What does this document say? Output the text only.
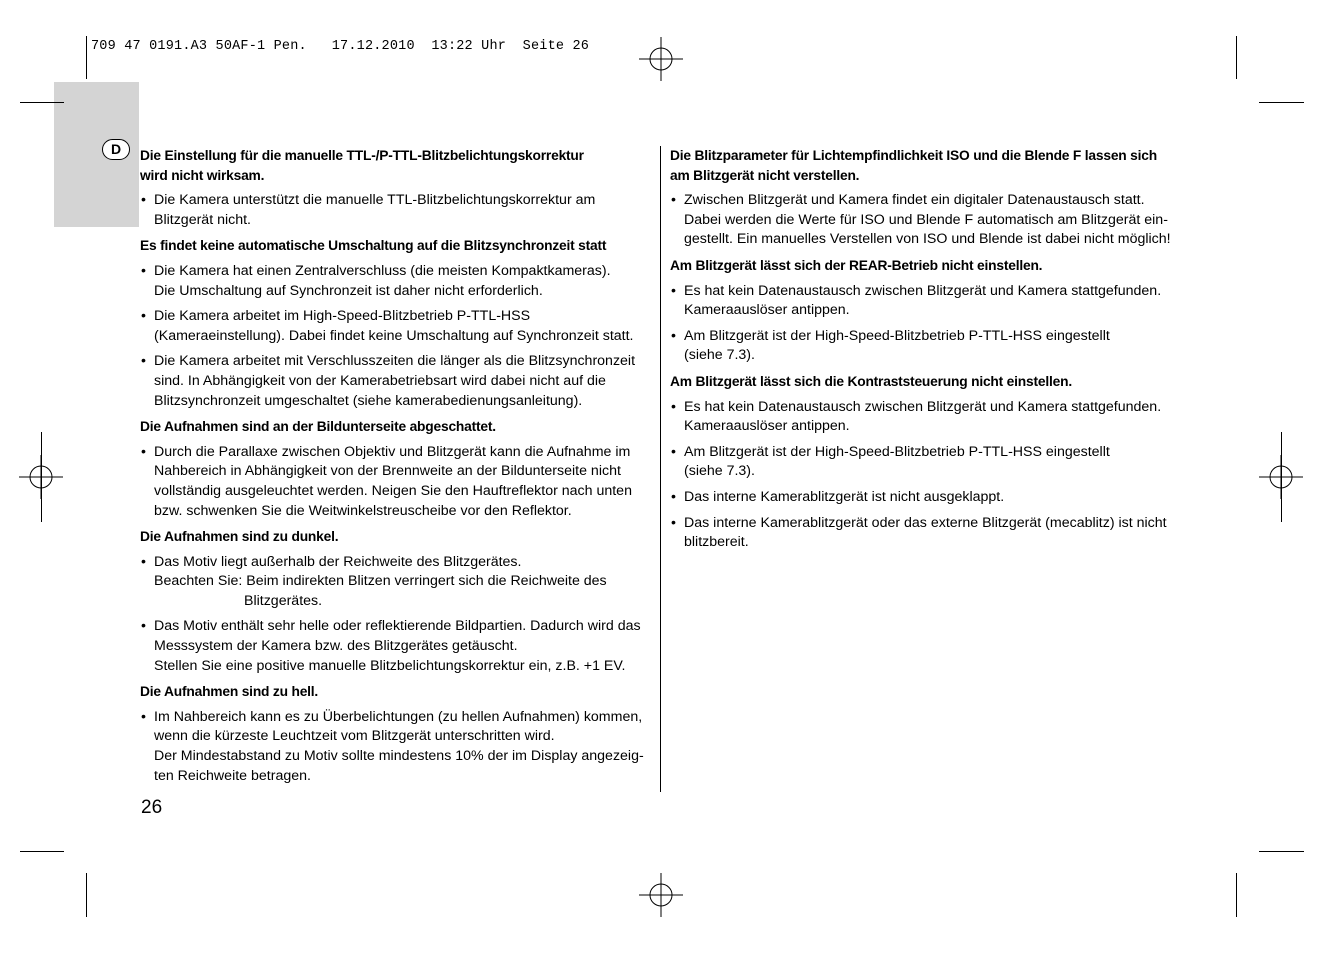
709 47 0191.A3 50AF-1 Pen.   17.12.2010  13:22 Uhr  Seite 26
D	Die Einstellung für die manuelle TTL-/P-TTL-Blitzbelichtungskorrektur
wird nicht wirksam.
• Die Kamera unterstützt die manuelle TTL-Blitzbelichtungskorrektur am
Blitzgerät nicht.
Es findet keine automatische Umschaltung auf die Blitzsynchronzeit statt
• Die Kamera hat einen Zentralverschluss (die meisten Kompaktkameras).
Die Umschaltung auf Synchronzeit ist daher nicht erforderlich.
• Die Kamera arbeitet im High-Speed-Blitzbetrieb P-TTL-HSS
(Kameraeinstellung). Dabei findet keine Umschaltung auf Synchronzeit statt.
• Die Kamera arbeitet mit Verschlusszeiten die länger als die Blitzsynchronzeit
sind. In Abhängigkeit von der Kamerabetriebsart wird dabei nicht auf die
Blitzsynchronzeit umgeschaltet (siehe kamerabedienungsanleitung).
Die Aufnahmen sind an der Bildunterseite abgeschattet.
• Durch die Parallaxe zwischen Objektiv und Blitzgerät kann die Aufnahme im
Nahbereich in Abhängigkeit von der Brennweite an der Bildunterseite nicht
vollständig ausgeleuchtet werden. Neigen Sie den Hauftreflektor nach unten
bzw. schwenken Sie die Weitwinkelstreuscheibe vor den Reflektor.
Die Aufnahmen sind zu dunkel.
• Das Motiv liegt außerhalb der Reichweite des Blitzgerätes.
Beachten Sie: Beim indirekten Blitzen verringert sich die Reichweite des
Blitzgerätes.
• Das Motiv enthält sehr helle oder reflektierende Bildpartien. Dadurch wird das
Messsystem der Kamera bzw. des Blitzgerätes getäuscht.
Stellen Sie eine positive manuelle Blitzbelichtungskorrektur ein, z.B. +1 EV.
Die Aufnahmen sind zu hell.
• Im Nahbereich kann es zu Überbelichtungen (zu hellen Aufnahmen) kommen,
wenn die kürzeste Leuchtzeit vom Blitzgerät unterschritten wird.
Der Mindestabstand zu Motiv sollte mindestens 10% der im Display angezeig-
ten Reichweite betragen.
Die Blitzparameter für Lichtempfindlichkeit ISO und die Blende F lassen sich
am Blitzgerät nicht verstellen.
• Zwischen Blitzgerät und Kamera findet ein digitaler Datenaustausch statt.
Dabei werden die Werte für ISO und Blende F automatisch am Blitzgerät ein-
gestellt. Ein manuelles Verstellen von ISO und Blende ist dabei nicht möglich!
Am Blitzgerät lässt sich der REAR-Betrieb nicht einstellen.
• Es hat kein Datenaustausch zwischen Blitzgerät und Kamera stattgefunden.
Kameraauslöser antippen.
• Am Blitzgerät ist der High-Speed-Blitzbetrieb P-TTL-HSS eingestellt
(siehe 7.3).
Am Blitzgerät lässt sich die Kontraststeuerung nicht einstellen.
• Es hat kein Datenaustausch zwischen Blitzgerät und Kamera stattgefunden.
Kameraauslöser antippen.
• Am Blitzgerät ist der High-Speed-Blitzbetrieb P-TTL-HSS eingestellt
(siehe 7.3).
• Das interne Kamerablitzgerät ist nicht ausgeklappt.
• Das interne Kamerablitzgerät oder das externe Blitzgerät (mecablitz) ist nicht
blitzbereit.
26
